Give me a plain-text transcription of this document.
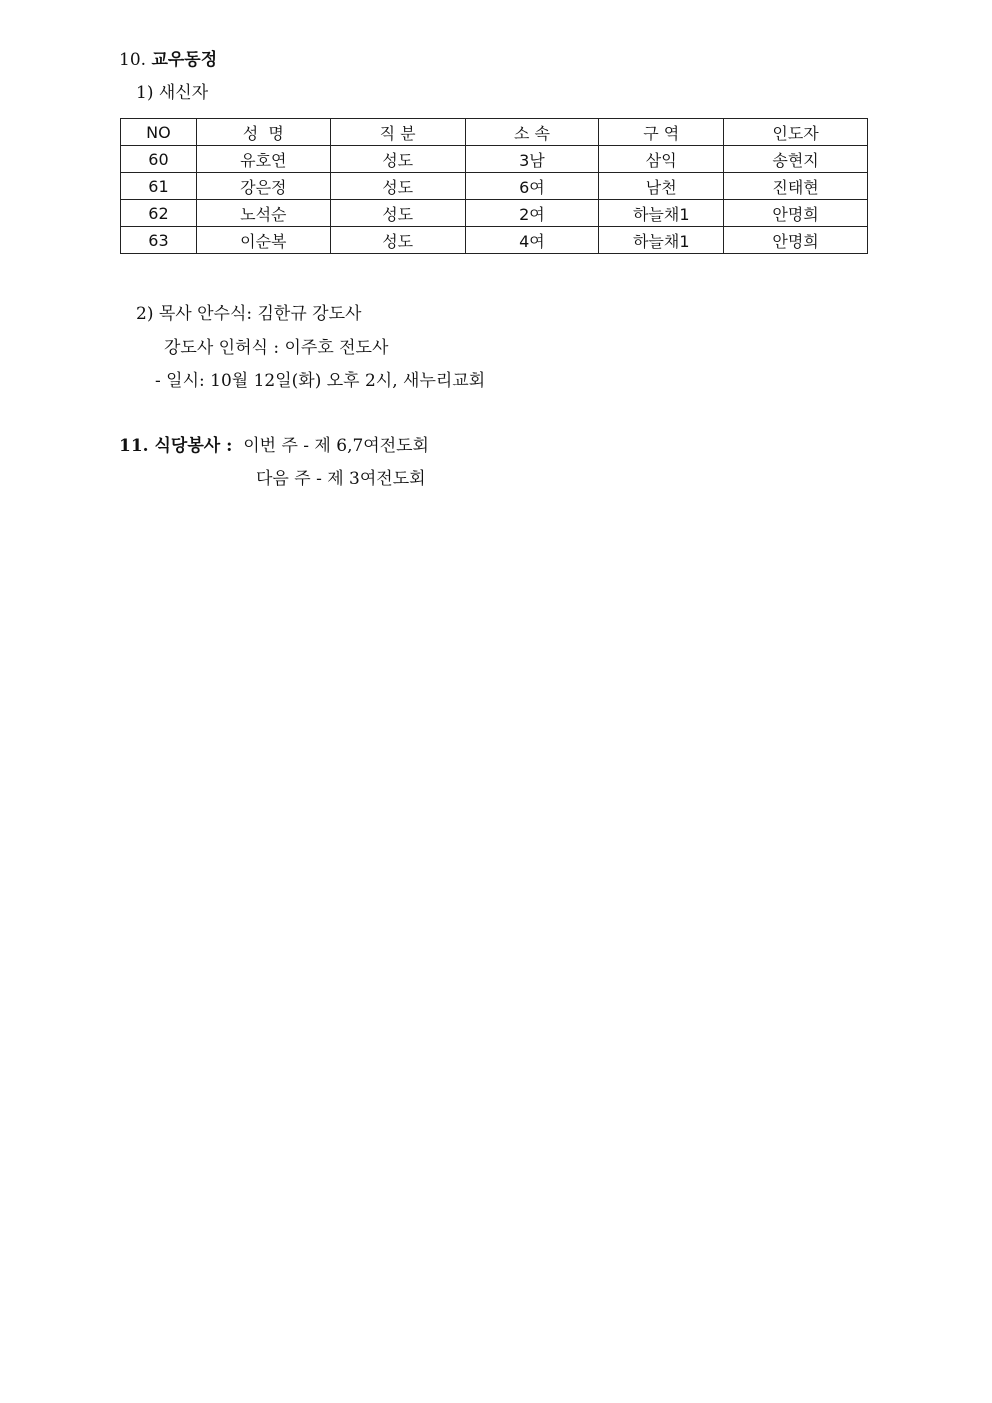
10. 교우동정
1) 새신자
NO	성  명	직 분	소 속	구 역	인도자
60	유호연	성도	3남	삼익	송현지
61	강은정	성도	6여	남천	진태현
62	노석순	성도	2여	하늘채1	안명희
63	이순복	성도	4여	하늘채1	안명희
2) 목사 안수식: 김한규 강도사
강도사 인허식 : 이주호 전도사
- 일시: 10월 12일(화) 오후 2시, 새누리교회
11. 식당봉사 : 이번 주 - 제 6,7여전도회
다음 주 - 제 3여전도회
